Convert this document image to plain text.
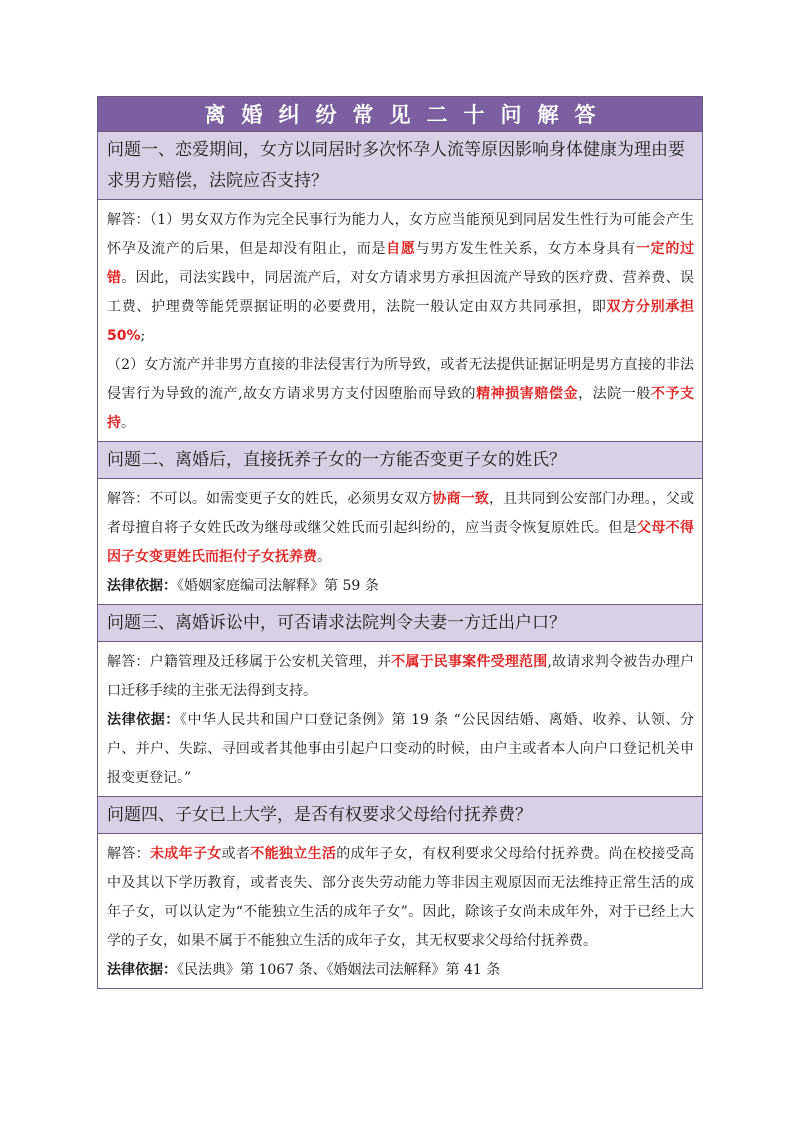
离婚纠纷常见二十问解答
问题一、恋爱期间，女方以同居时多次怀孕人流等原因影响身体健康为理由要求男方赔偿，法院应否支持？

解答：（1）男女双方作为完全民事行为能力人，女方应当能预见到同居发生性行为可能会产生怀孕及流产的后果，但是却没有阻止，而是自愿与男方发生性关系，女方本身具有一定的过错。因此，司法实践中，同居流产后，对女方请求男方承担因流产导致的医疗费、营养费、误工费、护理费等能凭票据证明的必要费用，法院一般认定由双方共同承担，即双方分别承担50%;

（2）女方流产并非男方直接的非法侵害行为所导致，或者无法提供证据证明是男方直接的非法侵害行为导致的流产,故女方请求男方支付因堕胎而导致的精神损害赔偿金，法院一般不予支持。

问题二、离婚后，直接抚养子女的一方能否变更子女的姓氏？

解答：不可以。如需变更子女的姓氏，必须男女双方协商一致，且共同到公安部门办理。，父或者母擅自将子女姓氏改为继母或继父姓氏而引起纠纷的，应当责令恢复原姓氏。但是父母不得因子女变更姓氏而拒付子女抚养费。

法律依据：《婚姻家庭编司法解释》第 59 条

问题三、离婚诉讼中，可否请求法院判令夫妻一方迁出户口？

解答：户籍管理及迁移属于公安机关管理，并不属于民事案件受理范围,故请求判令被告办理户口迁移手续的主张无法得到支持。

法律依据：《中华人民共和国户口登记条例》第 19 条 “公民因结婚、离婚、收养、认领、分户、并户、失踪、寻回或者其他事由引起户口变动的时候，由户主或者本人向户口登记机关申报变更登记。”

问题四、子女已上大学，是否有权要求父母给付抚养费？

解答：未成年子女或者不能独立生活的成年子女，有权利要求父母给付抚养费。尚在校接受高中及其以下学历教育，或者丧失、部分丧失劳动能力等非因主观原因而无法维持正常生活的成年子女，可以认定为“不能独立生活的成年子女”。因此，除该子女尚未成年外，对于已经上大学的子女，如果不属于不能独立生活的成年子女，其无权要求父母给付抚养费。

法律依据：《民法典》第 1067 条、《婚姻法司法解释》第 41 条
